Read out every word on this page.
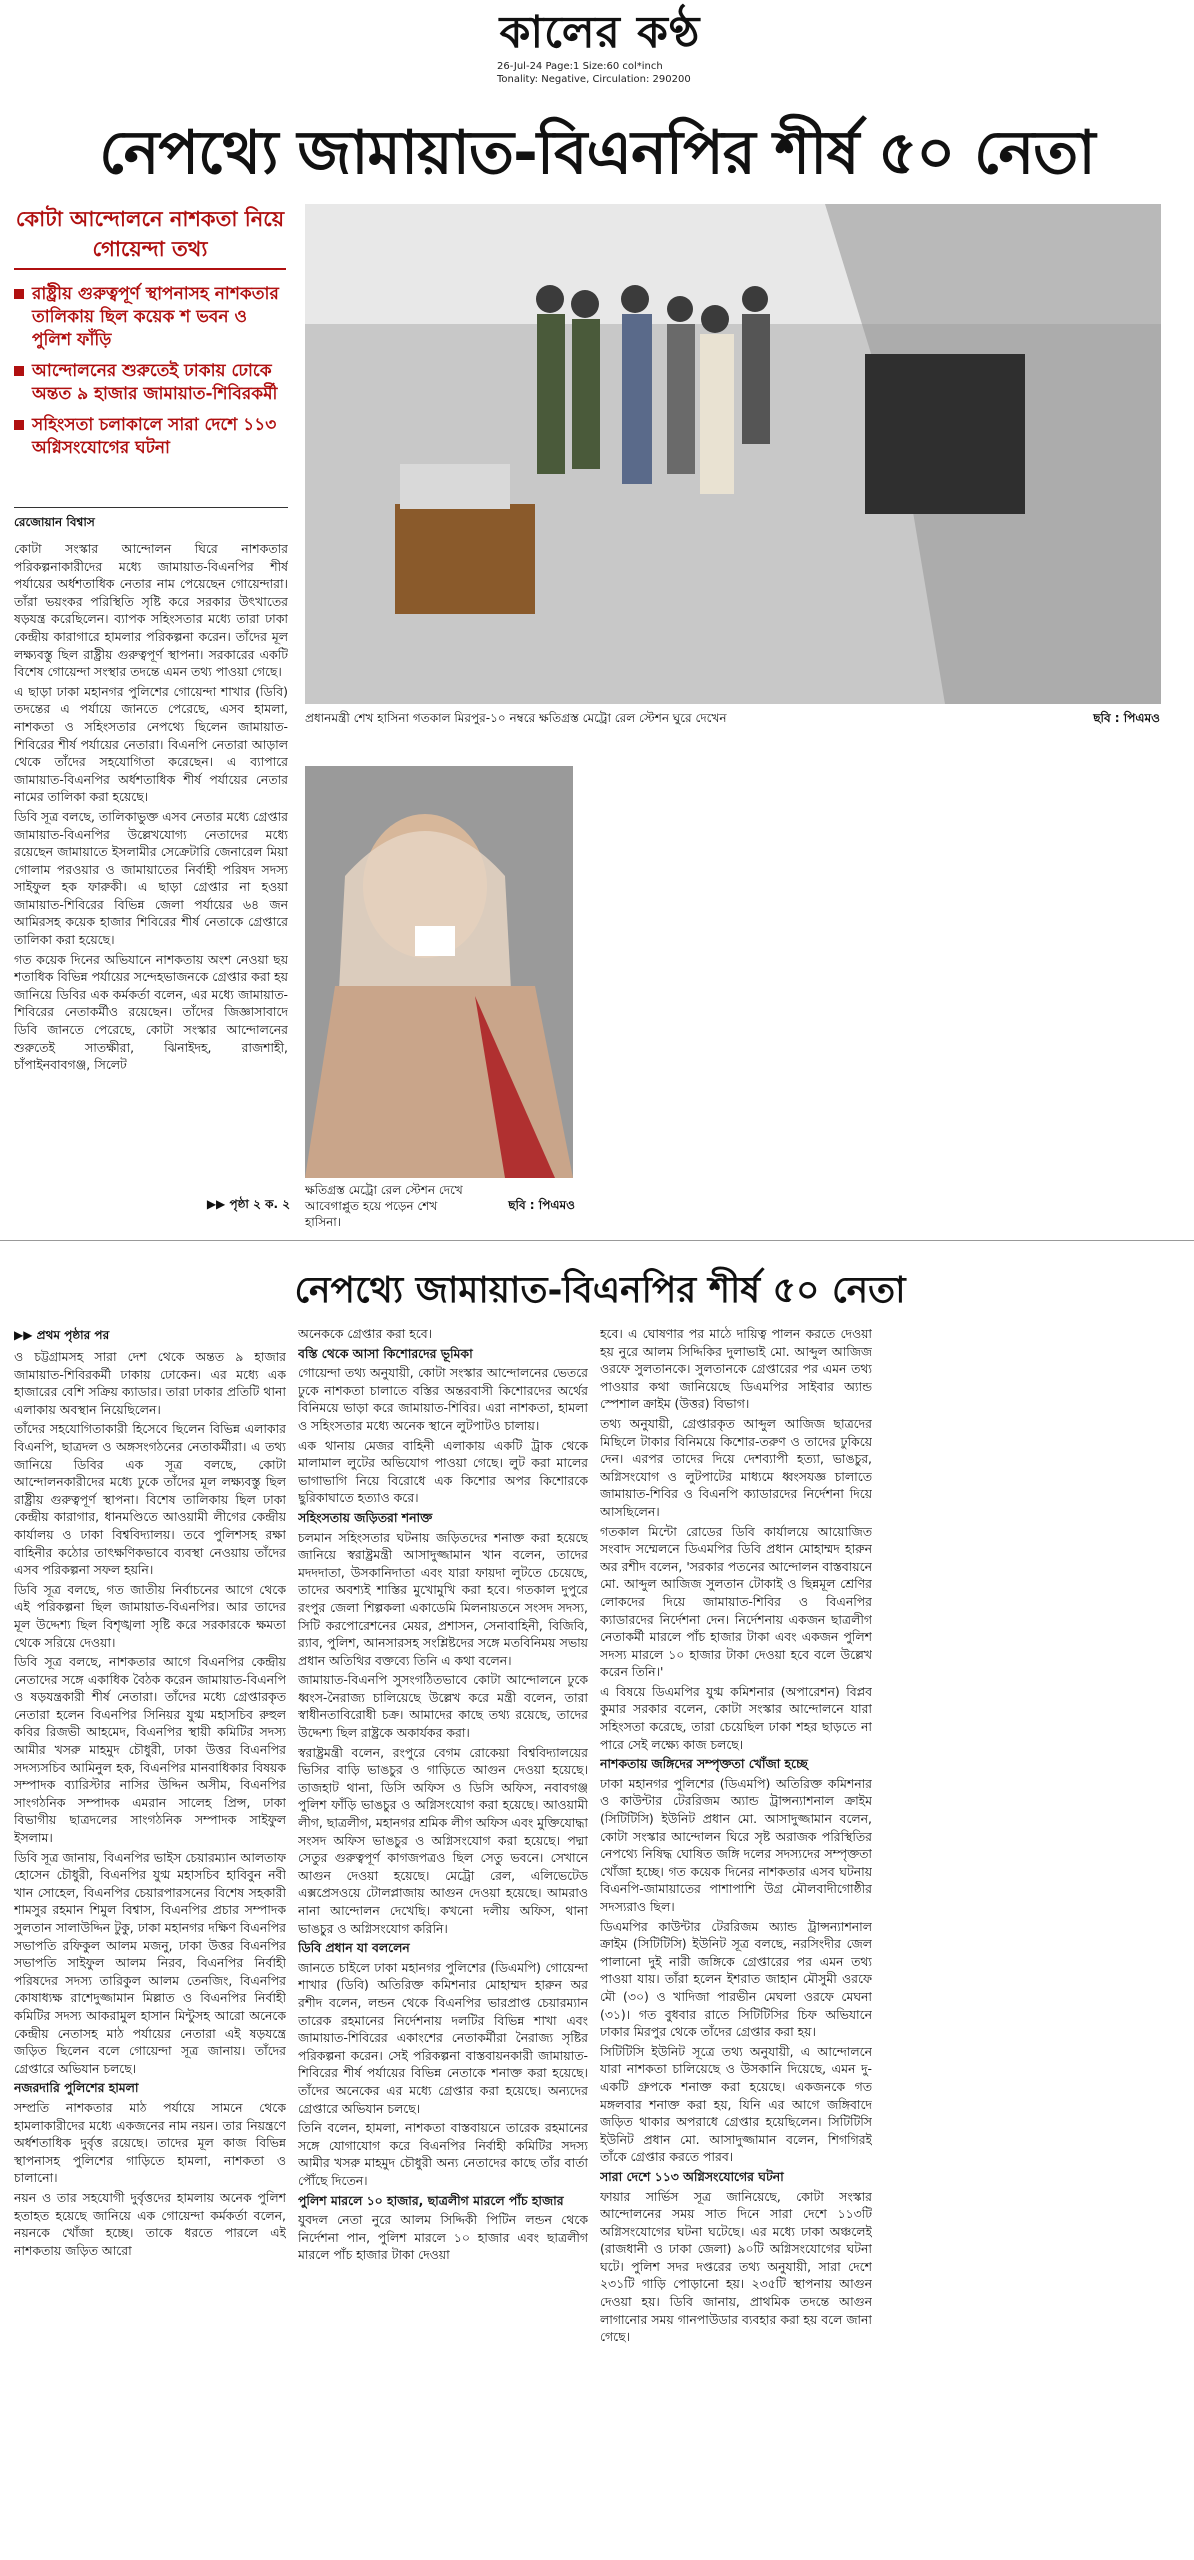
কালের কণ্ঠ
26-Jul-24 Page:1 Size:60 col*inch
Tonality: Negative, Circulation: 290200
নেপথ্যে জামায়াত-বিএনপির শীর্ষ ৫০ নেতা
কোটা আন্দোলনে নাশকতা নিয়ে গোয়েন্দা তথ্য
রাষ্ট্রীয় গুরুত্বপূর্ণ স্থাপনাসহ নাশকতার তালিকায় ছিল কয়েক শ ভবন ও পুলিশ ফাঁড়ি
আন্দোলনের শুরুতেই ঢাকায় ঢোকে অন্তত ৯ হাজার জামায়াত-শিবিরকর্মী
সহিংসতা চলাকালে সারা দেশে ১১৩ অগ্নিসংযোগের ঘটনা
রেজোয়ান বিশ্বাস

কোটা সংস্কার আন্দোলন ঘিরে নাশকতার পরিকল্পনাকারীদের মধ্যে জামায়াত-বিএনপির শীর্ষ পর্যায়ের অর্ধশতাধিক নেতার নাম পেয়েছেন গোয়েন্দারা। তাঁরা ভয়ংকর পরিস্থিতি সৃষ্টি করে সরকার উৎখাতের ষড়যন্ত্র করেছিলেন। ব্যাপক সহিংসতার মধ্যে তারা ঢাকা কেন্দ্রীয় কারাগারে হামলার পরিকল্পনা করেন। তাঁদের মূল লক্ষ্যবস্তু ছিল রাষ্ট্রীয় গুরুত্বপূর্ণ স্থাপনা। সরকারের একটি বিশেষ গোয়েন্দা সংস্থার তদন্তে এমন তথ্য পাওয়া গেছে।

এ ছাড়া ঢাকা মহানগর পুলিশের গোয়েন্দা শাখার (ডিবি) তদন্তের এ পর্যায়ে জানতে পেরেছে, এসব হামলা, নাশকতা ও সহিংসতার নেপথ্যে ছিলেন জামায়াত-শিবিরের শীর্ষ পর্যায়ের নেতারা। বিএনপি নেতারা আড়াল থেকে তাঁদের সহযোগিতা করেছেন। এ ব্যাপারে জামায়াত-বিএনপির অর্ধশতাধিক শীর্ষ পর্যায়ের নেতার নামের তালিকা করা হয়েছে।

ডিবি সূত্র বলছে, তালিকাভুক্ত এসব নেতার মধ্যে গ্রেপ্তার জামায়াত-বিএনপির উল্লেখযোগ্য নেতাদের মধ্যে রয়েছেন জামায়াতে ইসলামীর সেক্রেটারি জেনারেল মিয়া গোলাম পরওয়ার ও জামায়াতের নির্বাহী পরিষদ সদস্য সাইফুল হক ফারুকী। এ ছাড়া গ্রেপ্তার না হওয়া জামায়াত-শিবিরের বিভিন্ন জেলা পর্যায়ের ৬৪ জন আমিরসহ কয়েক হাজার শিবিরের শীর্ষ নেতাকে গ্রেপ্তারে তালিকা করা হয়েছে।

গত কয়েক দিনের অভিযানে নাশকতায় অংশ নেওয়া ছয় শতাধিক বিভিন্ন পর্যায়ের সন্দেহভাজনকে গ্রেপ্তার করা হয় জানিয়ে ডিবির এক কর্মকর্তা বলেন, এর মধ্যে জামায়াত-শিবিরের নেতাকর্মীও রয়েছেন। তাঁদের জিজ্ঞাসাবাদে ডিবি জানতে পেরেছে, কোটা সংস্কার আন্দোলনের শুরুতেই সাতক্ষীরা, ঝিনাইদহ, রাজশাহী, চাঁপাইনবাবগঞ্জ, সিলেট

▶▶ পৃষ্ঠা ২ ক. ২
প্রধানমন্ত্রী শেখ হাসিনা গতকাল মিরপুর-১০ নম্বরে ক্ষতিগ্রস্ত মেট্রো রেল স্টেশন ঘুরে দেখেন	ছবি : পিএমও
ক্ষতিগ্রস্ত মেট্রো রেল স্টেশন দেখে আবেগাপ্লুত হয়ে পড়েন শেখ হাসিনা।
ছবি : পিএমও
নেপথ্যে জামায়াত-বিএনপির শীর্ষ ৫০ নেতা
▶▶ প্রথম পৃষ্ঠার পর

ও চট্টগ্রামসহ সারা দেশ থেকে অন্তত ৯ হাজার জামায়াত-শিবিরকর্মী ঢাকায় ঢোকেন। এর মধ্যে এক হাজারের বেশি সক্রিয় ক্যাডার। তারা ঢাকার প্রতিটি থানা এলাকায় অবস্থান নিয়েছিলেন।

তাঁদের সহযোগিতাকারী হিসেবে ছিলেন বিভিন্ন এলাকার বিএনপি, ছাত্রদল ও অঙ্গসংগঠনের নেতাকর্মীরা। এ তথ্য জানিয়ে ডিবির এক সূত্র বলছে, কোটা আন্দোলনকারীদের মধ্যে ঢুকে তাঁদের মূল লক্ষ্যবস্তু ছিল রাষ্ট্রীয় গুরুত্বপূর্ণ স্থাপনা। বিশেষ তালিকায় ছিল ঢাকা কেন্দ্রীয় কারাগার, ধানমণ্ডিতে আওয়ামী লীগের কেন্দ্রীয় কার্যালয় ও ঢাকা বিশ্ববিদ্যালয়। তবে পুলিশসহ রক্ষা বাহিনীর কঠোর তাৎক্ষণিকভাবে ব্যবস্থা নেওয়ায় তাঁদের এসব পরিকল্পনা সফল হয়নি।

ডিবি সূত্র বলছে, গত জাতীয় নির্বাচনের আগে থেকে এই পরিকল্পনা ছিল জামায়াত-বিএনপির। আর তাদের মূল উদ্দেশ্য ছিল বিশৃঙ্খলা সৃষ্টি করে সরকারকে ক্ষমতা থেকে সরিয়ে দেওয়া।

ডিবি সূত্র বলছে, নাশকতার আগে বিএনপির কেন্দ্রীয় নেতাদের সঙ্গে একাধিক বৈঠক করেন জামায়াত-বিএনপি ও ষড়যন্ত্রকারী শীর্ষ নেতারা। তাঁদের মধ্যে গ্রেপ্তারকৃত নেতারা হলেন বিএনপির সিনিয়র যুগ্ম মহাসচিব রুহুল কবির রিজভী আহমেদ, বিএনপির স্থায়ী কমিটির সদস্য আমীর খসরু মাহমুদ চৌধুরী, ঢাকা উত্তর বিএনপির সদস্যসচিব আমিনুল হক, বিএনপির মানবাধিকার বিষয়ক সম্পাদক ব্যারিস্টার নাসির উদ্দিন অসীম, বিএনপির সাংগঠনিক সম্পাদক এমরান সালেহ প্রিন্স, ঢাকা বিভাগীয় ছাত্রদলের সাংগঠনিক সম্পাদক সাইফুল ইসলাম।

ডিবি সূত্র জানায়, বিএনপির ভাইস চেয়ারম্যান আলতাফ হোসেন চৌধুরী, বিএনপির যুগ্ম মহাসচিব হাবিবুন নবী খান সোহেল, বিএনপির চেয়ারপারসনের বিশেষ সহকারী শামসুর রহমান শিমুল বিশ্বাস, বিএনপির প্রচার সম্পাদক সুলতান সালাউদ্দিন টুকু, ঢাকা মহানগর দক্ষিণ বিএনপির সভাপতি রফিকুল আলম মজনু, ঢাকা উত্তর বিএনপির সভাপতি সাইফুল আলম নিরব, বিএনপির নির্বাহী পরিষদের সদস্য তারিকুল আলম তেনজিং, বিএনপির কোষাধ্যক্ষ রাশেদুজ্জামান মিল্লাত ও বিএনপির নির্বাহী কমিটির সদস্য আকরামুল হাসান মিন্টুসহ আরো অনেকে কেন্দ্রীয় নেতাসহ মাঠ পর্যায়ের নেতারা এই ষড়যন্ত্রে জড়িত ছিলেন বলে গোয়েন্দা সূত্র জানায়। তাঁদের গ্রেপ্তারে অভিযান চলছে।

নজরদারি পুলিশের হামলা

সম্প্রতি নাশকতার মাঠ পর্যায়ে সামনে থেকে হামলাকারীদের মধ্যে একজনের নাম নয়ন। তার নিয়ন্ত্রণে অর্ধশতাধিক দুর্বৃত্ত রয়েছে। তাদের মূল কাজ বিভিন্ন স্থাপনাসহ পুলিশের গাড়িতে হামলা, নাশকতা ও চালানো।

নয়ন ও তার সহযোগী দুর্বৃত্তদের হামলায় অনেক পুলিশ হতাহত হয়েছে জানিয়ে এক গোয়েন্দা কর্মকর্তা বলেন, নয়নকে খোঁজা হচ্ছে। তাকে ধরতে পারলে এই নাশকতায় জড়িত আরো

অনেককে গ্রেপ্তার করা হবে।

বস্তি থেকে আসা কিশোরদের ভূমিকা

গোয়েন্দা তথ্য অনুযায়ী, কোটা সংস্কার আন্দোলনের ভেতরে ঢুকে নাশকতা চালাতে বস্তির অন্তরবাসী কিশোরদের অর্থের বিনিময়ে ভাড়া করে জামায়াত-শিবির। এরা নাশকতা, হামলা ও সহিংসতার মধ্যে অনেক স্থানে লুটপাটও চালায়।

এক থানায় মেজর বাহিনী এলাকায় একটি ট্রাক থেকে মালামাল লুটের অভিযোগ পাওয়া গেছে। লুট করা মালের ভাগাভাগি নিয়ে বিরোধে এক কিশোর অপর কিশোরকে ছুরিকাঘাতে হত্যাও করে।

সহিংসতায় জড়িতরা শনাক্ত

চলমান সহিংসতার ঘটনায় জড়িতদের শনাক্ত করা হয়েছে জানিয়ে স্বরাষ্ট্রমন্ত্রী আসাদুজ্জামান খান বলেন, তাদের মদদদাতা, উসকানিদাতা এবং যারা ফায়দা লুটতে চেয়েছে, তাদের অবশ্যই শাস্তির মুখোমুখি করা হবে। গতকাল দুপুরে রংপুর জেলা শিল্পকলা একাডেমি মিলনায়তনে সংসদ সদস্য, সিটি করপোরেশনের মেয়র, প্রশাসন, সেনাবাহিনী, বিজিবি, র‍্যাব, পুলিশ, আনসারসহ সংশ্লিষ্টদের সঙ্গে মতবিনিময় সভায় প্রধান অতিথির বক্তব্যে তিনি এ কথা বলেন।

জামায়াত-বিএনপি সুসংগঠিতভাবে কোটা আন্দোলনে ঢুকে ধ্বংস-নৈরাজ্য চালিয়েছে উল্লেখ করে মন্ত্রী বলেন, তারা স্বাধীনতাবিরোধী চক্র। আমাদের কাছে তথ্য রয়েছে, তাদের উদ্দেশ্য ছিল রাষ্ট্রকে অকার্যকর করা।

স্বরাষ্ট্রমন্ত্রী বলেন, রংপুরে বেগম রোকেয়া বিশ্ববিদ্যালয়ের ভিসির বাড়ি ভাঙচুর ও গাড়িতে আগুন দেওয়া হয়েছে। তাজহাট থানা, ডিসি অফিস ও ডিসি অফিস, নবাবগঞ্জ পুলিশ ফাঁড়ি ভাঙচুর ও অগ্নিসংযোগ করা হয়েছে। আওয়ামী লীগ, ছাত্রলীগ, মহানগর শ্রমিক লীগ অফিস এবং মুক্তিযোদ্ধা সংসদ অফিস ভাঙচুর ও অগ্নিসংযোগ করা হয়েছে। পদ্মা সেতুর গুরুত্বপূর্ণ কাগজপত্রও ছিল সেতু ভবনে। সেখানে আগুন দেওয়া হয়েছে। মেট্রো রেল, এলিভেটেড এক্সপ্রেসওয়ে টোলপ্লাজায় আগুন দেওয়া হয়েছে। আমরাও নানা আন্দোলন দেখেছি। কখনো দলীয় অফিস, থানা ভাঙচুর ও অগ্নিসংযোগ করিনি।

ডিবি প্রধান যা বললেন

জানতে চাইলে ঢাকা মহানগর পুলিশের (ডিএমপি) গোয়েন্দা শাখার (ডিবি) অতিরিক্ত কমিশনার মোহাম্মদ হারুন অর রশীদ বলেন, লন্ডন থেকে বিএনপির ভারপ্রাপ্ত চেয়ারম্যান তারেক রহমানের নির্দেশনায় দলটির বিভিন্ন শাখা এবং জামায়াত-শিবিরের একাংশের নেতাকর্মীরা নৈরাজ্য সৃষ্টির পরিকল্পনা করেন। সেই পরিকল্পনা বাস্তবায়নকারী জামায়াত-শিবিরের শীর্ষ পর্যায়ের বিভিন্ন নেতাকে শনাক্ত করা হয়েছে। তাঁদের অনেকের এর মধ্যে গ্রেপ্তার করা হয়েছে। অন্যদের গ্রেপ্তারে অভিযান চলছে।

তিনি বলেন, হামলা, নাশকতা বাস্তবায়নে তারেক রহমানের সঙ্গে যোগাযোগ করে বিএনপির নির্বাহী কমিটির সদস্য আমীর খসরু মাহমুদ চৌধুরী অন্য নেতাদের কাছে তাঁর বার্তা পৌঁছে দিতেন।

পুলিশ মারলে ১০ হাজার, ছাত্রলীগ মারলে পাঁচ হাজার

যুবদল নেতা নুরে আলম সিদ্দিকী পিটিন লন্ডন থেকে নির্দেশনা পান, পুলিশ মারলে ১০ হাজার এবং ছাত্রলীগ মারলে পাঁচ হাজার টাকা দেওয়া

হবে। এ ঘোষণার পর মাঠে দায়িত্ব পালন করতে দেওয়া হয় নুরে আলম সিদ্দিকির দুলাভাই মো. আব্দুল আজিজ ওরফে সুলতানকে। সুলতানকে গ্রেপ্তারের পর এমন তথ্য পাওয়ার কথা জানিয়েছে ডিএমপির সাইবার অ্যান্ড স্পেশাল ক্রাইম (উত্তর) বিভাগ।

তথ্য অনুযায়ী, গ্রেপ্তারকৃত আব্দুল আজিজ ছাত্রদের মিছিলে টাকার বিনিময়ে কিশোর-তরুণ ও তাদের ঢুকিয়ে দেন। এরপর তাদের দিয়ে দেশব্যাপী হত্যা, ভাঙচুর, অগ্নিসংযোগ ও লুটপাটের মাধ্যমে ধ্বংসযজ্ঞ চালাতে জামায়াত-শিবির ও বিএনপি ক্যাডারদের নির্দেশনা দিয়ে আসছিলেন।

গতকাল মিন্টো রোডের ডিবি কার্যালয়ে আয়োজিত সংবাদ সম্মেলনে ডিএমপির ডিবি প্রধান মোহাম্মদ হারুন অর রশীদ বলেন, 'সরকার পতনের আন্দোলন বাস্তবায়নে মো. আব্দুল আজিজ সুলতান টোকাই ও ছিন্নমূল শ্রেণির লোকদের দিয়ে জামায়াত-শিবির ও বিএনপির ক্যাডারদের নির্দেশনা দেন। নির্দেশনায় একজন ছাত্রলীগ নেতাকর্মী মারলে পাঁচ হাজার টাকা এবং একজন পুলিশ সদস্য মারলে ১০ হাজার টাকা দেওয়া হবে বলে উল্লেখ করেন তিনি।'

এ বিষয়ে ডিএমপির যুগ্ম কমিশনার (অপারেশন) বিপ্লব কুমার সরকার বলেন, কোটা সংস্কার আন্দোলনে যারা সহিংসতা করেছে, তারা চেয়েছিল ঢাকা শহর ছাড়তে না পারে সেই লক্ষ্যে কাজ চলছে।

নাশকতায় জঙ্গিদের সম্পৃক্ততা খোঁজা হচ্ছে

ঢাকা মহানগর পুলিশের (ডিএমপি) অতিরিক্ত কমিশনার ও কাউন্টার টেররিজম অ্যান্ড ট্রান্সন্যাশনাল ক্রাইম (সিটিটিসি) ইউনিট প্রধান মো. আসাদুজ্জামান বলেন, কোটা সংস্কার আন্দোলন ঘিরে সৃষ্ট অরাজক পরিস্থিতির নেপথ্যে নিষিদ্ধ ঘোষিত জঙ্গি দলের সদস্যদের সম্পৃক্ততা খোঁজা হচ্ছে। গত কয়েক দিনের নাশকতার এসব ঘটনায় বিএনপি-জামায়াতের পাশাপাশি উগ্র মৌলবাদীগোষ্ঠীর সদস্যরাও ছিল।

ডিএমপির কাউন্টার টেররিজম অ্যান্ড ট্রান্সন্যাশনাল ক্রাইম (সিটিটিসি) ইউনিট সূত্র বলছে, নরসিংদীর জেল পালানো দুই নারী জঙ্গিকে গ্রেপ্তারের পর এমন তথ্য পাওয়া যায়। তাঁরা হলেন ইশরাত জাহান মৌসুমী ওরফে মৌ (৩০) ও খাদিজা পারভীন মেঘলা ওরফে মেঘনা (৩১)। গত বুধবার রাতে সিটিটিসির চিফ অভিযানে ঢাকার মিরপুর থেকে তাঁদের গ্রেপ্তার করা হয়।

সিটিটিসি ইউনিট সূত্রে তথ্য অনুযায়ী, এ আন্দোলনে যারা নাশকতা চালিয়েছে ও উসকানি দিয়েছে, এমন দু-একটি গ্রুপকে শনাক্ত করা হয়েছে। একজনকে গত মঙ্গলবার শনাক্ত করা হয়, যিনি এর আগে জঙ্গিবাদে জড়িত থাকার অপরাধে গ্রেপ্তার হয়েছিলেন। সিটিটিসি ইউনিট প্রধান মো. আসাদুজ্জামান বলেন, শিগগিরই তাঁকে গ্রেপ্তার করতে পারব।

সারা দেশে ১১৩ অগ্নিসংযোগের ঘটনা

ফায়ার সার্ভিস সূত্র জানিয়েছে, কোটা সংস্কার আন্দোলনের সময় সাত দিনে সারা দেশে ১১৩টি অগ্নিসংযোগের ঘটনা ঘটেছে। এর মধ্যে ঢাকা অঞ্চলেই (রাজধানী ও ঢাকা জেলা) ৯০টি অগ্নিসংযোগের ঘটনা ঘটে। পুলিশ সদর দপ্তরের তথ্য অনুযায়ী, সারা দেশে ২৩১টি গাড়ি পোড়ানো হয়। ২৩৫টি স্থাপনায় আগুন দেওয়া হয়। ডিবি জানায়, প্রাথমিক তদন্তে আগুন লাগানোর সময় গানপাউডার ব্যবহার করা হয় বলে জানা গেছে।
